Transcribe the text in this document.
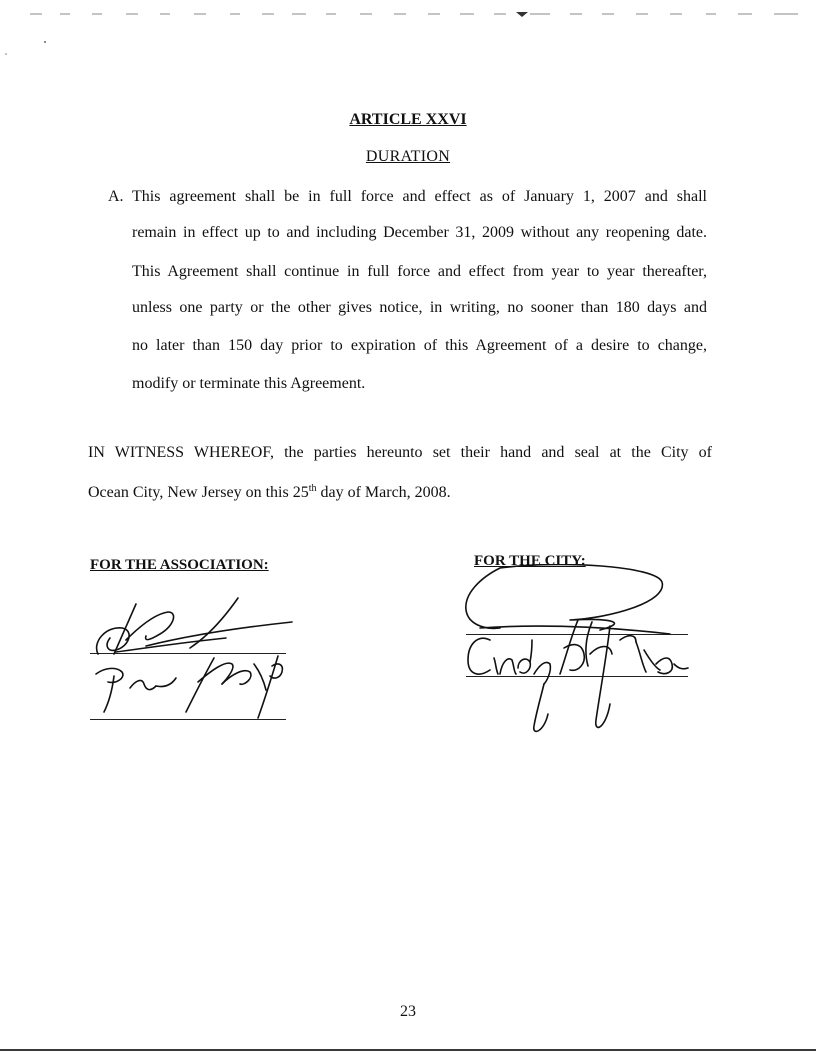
ARTICLE XXVI
DURATION
A. This agreement shall be in full force and effect as of January 1, 2007 and shall
remain in effect up to and including December 31, 2009 without any reopening date.
This Agreement shall continue in full force and effect from year to year thereafter,
unless one party or the other gives notice, in writing, no sooner than 180 days and
no later than 150 day prior to expiration of this Agreement of a desire to change,
modify or terminate this Agreement.
IN WITNESS WHEREOF, the parties hereunto set their hand and seal at the City of
Ocean City, New Jersey on this 25th day of March, 2008.
FOR THE ASSOCIATION:	FOR THE CITY:
23
